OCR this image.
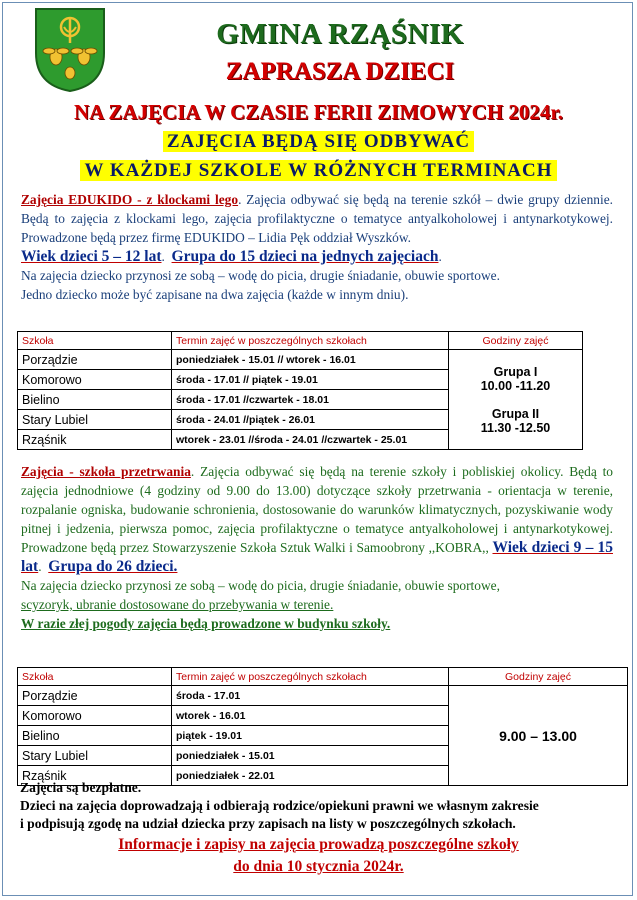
GMINA RZĄŚNIK
ZAPRASZA DZIECI
NA ZAJĘCIA W CZASIE FERII ZIMOWYCH 2024r.
ZAJĘCIA BĘDĄ SIĘ ODBYWAĆ
W KAŻDEJ SZKOLE W RÓŻNYCH TERMINACH
Zajęcia EDUKIDO - z klockami lego. Zajęcia odbywać się będą na terenie szkół – dwie grupy dziennie. Będą to zajęcia z klockami lego, zajęcia profilaktyczne o tematyce antyalkoholowej i antynarkotykowej. Prowadzone będą przez firmę EDUKIDO – Lidia Pęk oddział Wyszków.
Wiek dzieci 5 – 12 lat.  Grupa do 15 dzieci na jednych zajęciach.
Na zajęcia dziecko przynosi ze sobą – wodę do picia, drugie śniadanie, obuwie sportowe.
Jedno dziecko może być zapisane na dwa zajęcia (każde w innym dniu).
Szkoła	Termin zajęć w poszczególnych szkołach	Godziny zajęć
Porządzie	poniedziałek - 15.01 // wtorek - 16.01	Grupa I
10.00 -11.20
Grupa II
11.30 -12.50

Komorowo	środa - 17.01 // piątek - 19.01	
Bielino	środa - 17.01 //czwartek - 18.01	
Stary Lubiel	środa - 24.01 //piątek - 26.01	
Rząśnik	wtorek - 23.01 //środa - 24.01 //czwartek - 25.01	
Zajęcia - szkoła przetrwania. Zajęcia odbywać się będą na terenie szkoły i pobliskiej okolicy. Będą to zajęcia jednodniowe (4 godziny od 9.00 do 13.00) dotyczące szkoły przetrwania - orientacja w terenie, rozpalanie ogniska, budowanie schronienia, dostosowanie do warunków klimatycznych, pozyskiwanie wody pitnej i jedzenia, pierwsza pomoc, zajęcia profilaktyczne o tematyce antyalkoholowej i antynarkotykowej. Prowadzone będą przez Stowarzyszenie Szkoła Sztuk Walki i Samoobrony ,,KOBRA,, Wiek dzieci 9 – 15 lat.  Grupa do 26 dzieci.
Na zajęcia dziecko przynosi ze sobą – wodę do picia, drugie śniadanie, obuwie sportowe,
scyzoryk, ubranie dostosowane do przebywania w terenie.
W razie złej pogody zajęcia będą prowadzone w budynku szkoły.
Szkoła	Termin zajęć w poszczególnych szkołach	Godziny zajęć
Porządzie	środa - 17.01	9.00 – 13.00
Komorowo	wtorek - 16.01	
Bielino	piątek - 19.01	
Stary Lubiel	poniedziałek - 15.01	
Rząśnik	poniedziałek - 22.01	
Zajęcia są bezpłatne.
Dzieci na zajęcia doprowadzają i odbierają rodzice/opiekuni prawni we własnym zakresie
i podpisują zgodę na udział dziecka przy zapisach na listy w poszczególnych szkołach.
Informacje i zapisy na zajęcia prowadzą poszczególne szkoły
do dnia 10 stycznia 2024r.
